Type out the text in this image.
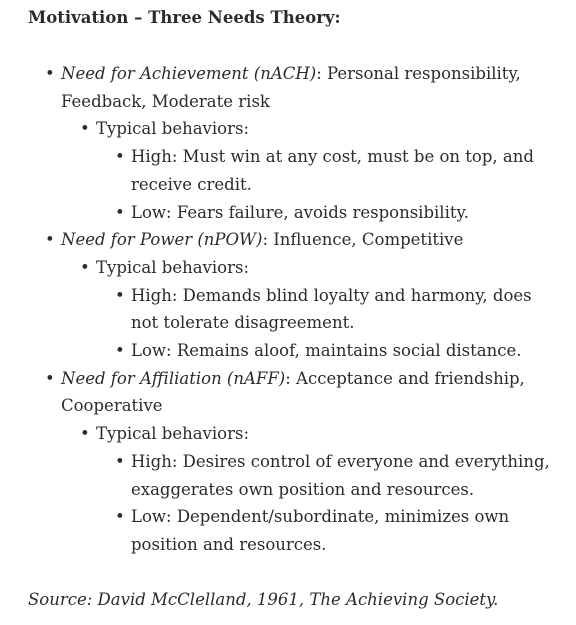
Motivation – Three Needs Theory:

• Need for Achievement (nACH): Personal responsibility, Feedback, Moderate risk
• Typical behaviors:
• High: Must win at any cost, must be on top, and receive credit.
• Low: Fears failure, avoids responsibility.
• Need for Power (nPOW): Influence, Competitive
• Typical behaviors:
• High: Demands blind loyalty and harmony, does not tolerate disagreement.
• Low: Remains aloof, maintains social distance.
• Need for Affiliation (nAFF): Acceptance and friendship, Cooperative
• Typical behaviors:
• High: Desires control of everyone and everything, exaggerates own position and resources.
• Low: Dependent/subordinate, minimizes own position and resources.

Source: David McClelland, 1961, The Achieving Society.
